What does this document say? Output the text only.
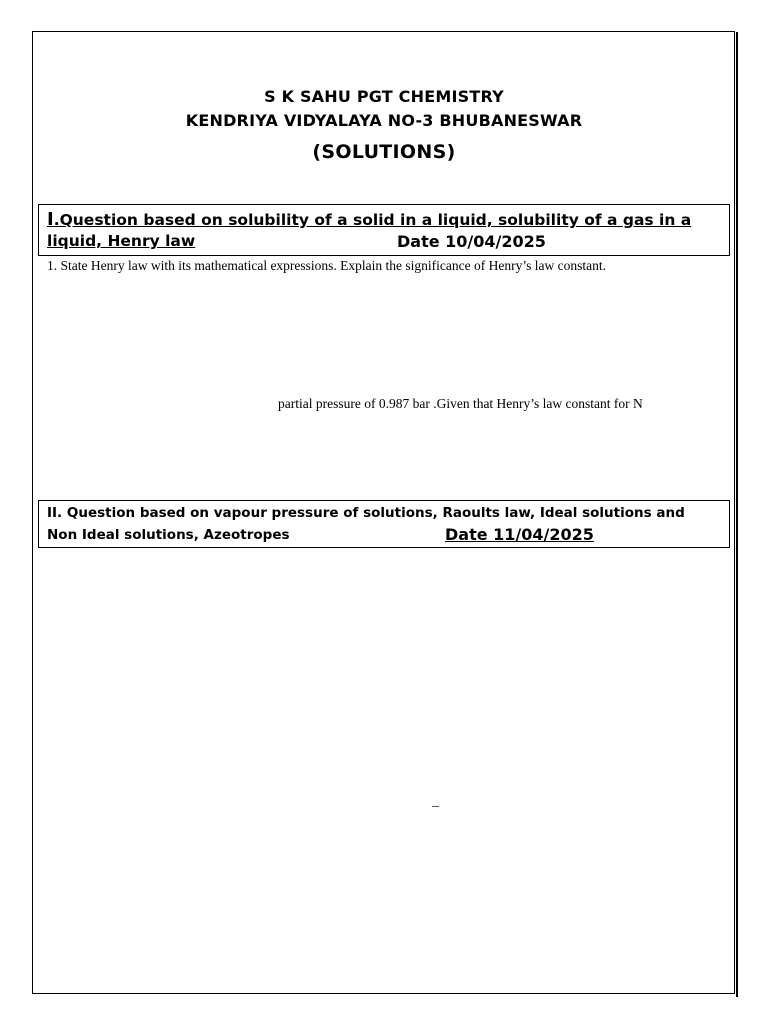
S K SAHU PGT CHEMISTRY
KENDRIYA VIDYALAYA NO-3 BHUBANESWAR
(SOLUTIONS)
I.Question based on solubility of a solid in a liquid, solubility of a gas in a
liquid, Henry law	Date 10/04/2025
1. State Henry law with its mathematical expressions. Explain the significance of Henry’s law constant.
partial pressure of 0.987 bar .Given that Henry’s law constant for N
II. Question based on vapour pressure of solutions, Raoults law, Ideal solutions and
Non Ideal solutions, Azeotropes	Date 11/04/2025
_
